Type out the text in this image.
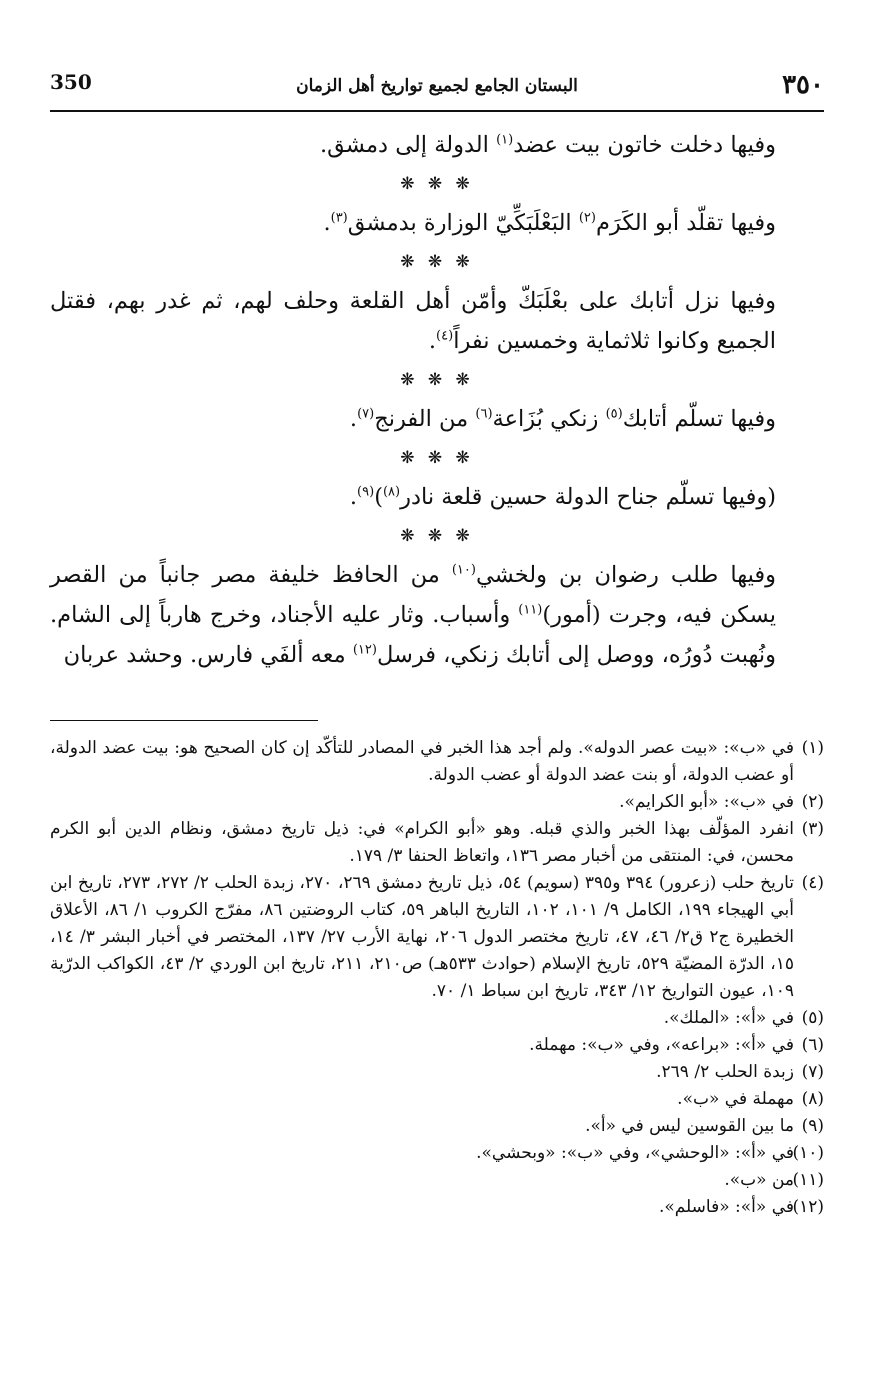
٣٥٠
البستان الجامع لجميع تواريخ أهل الزمان
350

وفيها دخلت خاتون بيت عضد$^{(١)}$ الدولة إلى دمشق.

❋ ❋ ❋

وفيها تقلّد أبو الكَرَم$^{(٢)}$ البَعْلَبَكِّيّ الوزارة بدمشق$^{(٣)}$.

❋ ❋ ❋

وفيها نزل أتابك على بعْلَبَكّ وأمّن أهل القلعة وحلف لهم، ثم غدر بهم، فقتل الجميع وكانوا ثلاثماية وخمسين نفراً$^{(٤)}$.

❋ ❋ ❋

وفيها تسلّم أتابك$^{(٥)}$ زنكي بُزَاعة$^{(٦)}$ من الفرنج$^{(٧)}$.

❋ ❋ ❋

(وفيها تسلّم جناح الدولة حسين قلعة نادر$^{(٨)}$)$^{(٩)}$.

❋ ❋ ❋

وفيها طلب رضوان بن ولخشي$^{(١٠)}$ من الحافظ خليفة مصر جانباً من القصر يسكن فيه، وجرت (أمور)$^{(١١)}$ وأسباب. وثار عليه الأجناد، وخرج هارباً إلى الشام. ونُهبت دُورُه، ووصل إلى أتابك زنكي، فرسل$^{(١٢)}$ معه ألفَي فارس. وحشد عربان

(١)
في «ب»: «بيت عصر الدوله». ولم أجد هذا الخبر في المصادر للتأكّد إن كان الصحيح هو: بيت عضد الدولة، أو عضب الدولة، أو بنت عضد الدولة أو عضب الدولة.

(٢)
في «ب»: «أبو الكرايم».

(٣)
انفرد المؤلّف بهذا الخبر والذي قبله. وهو «أبو الكرام» في: ذيل تاريخ دمشق، ونظام الدين أبو الكرم محسن، في: المنتقى من أخبار مصر ١٣٦، واتعاظ الحنفا ٣/ ١٧٩.

(٤)
تاريخ حلب (زعرور) ٣٩٤ و٣٩٥ (سويم) ٥٤، ذيل تاريخ دمشق ٢٦٩، ٢٧٠، زبدة الحلب ٢/ ٢٧٢، ٢٧٣، تاريخ ابن أبي الهيجاء ١٩٩، الكامل ٩/ ١٠١، ١٠٢، التاريخ الباهر ٥٩، كتاب الروضتين ٨٦، مفرّج الكروب ١/ ٨٦، الأعلاق الخطيرة ج٢ ق٢/ ٤٦، ٤٧، تاريخ مختصر الدول ٢٠٦، نهاية الأرب ٢٧/ ١٣٧، المختصر في أخبار البشر ٣/ ١٤، ١٥، الدرّة المضيّة ٥٢٩، تاريخ الإسلام (حوادث ٥٣٣هـ) ص٢١٠، ٢١١، تاريخ ابن الوردي ٢/ ٤٣، الكواكب الدرّية ١٠٩، عيون التواريخ ١٢/ ٣٤٣، تاريخ ابن سباط ١/ ٧٠.

(٥)
في «أ»: «الملك».

(٦)
في «أ»: «براعه»، وفي «ب»: مهملة.

(٧)
زبدة الحلب ٢/ ٢٦٩.

(٨)
مهملة في «ب».

(٩)
ما بين القوسين ليس في «أ».

(١٠)
في «أ»: «الوحشي»، وفي «ب»: «وبحشي».

(١١)
من «ب».

(١٢)
في «أ»: «فاسلم».
